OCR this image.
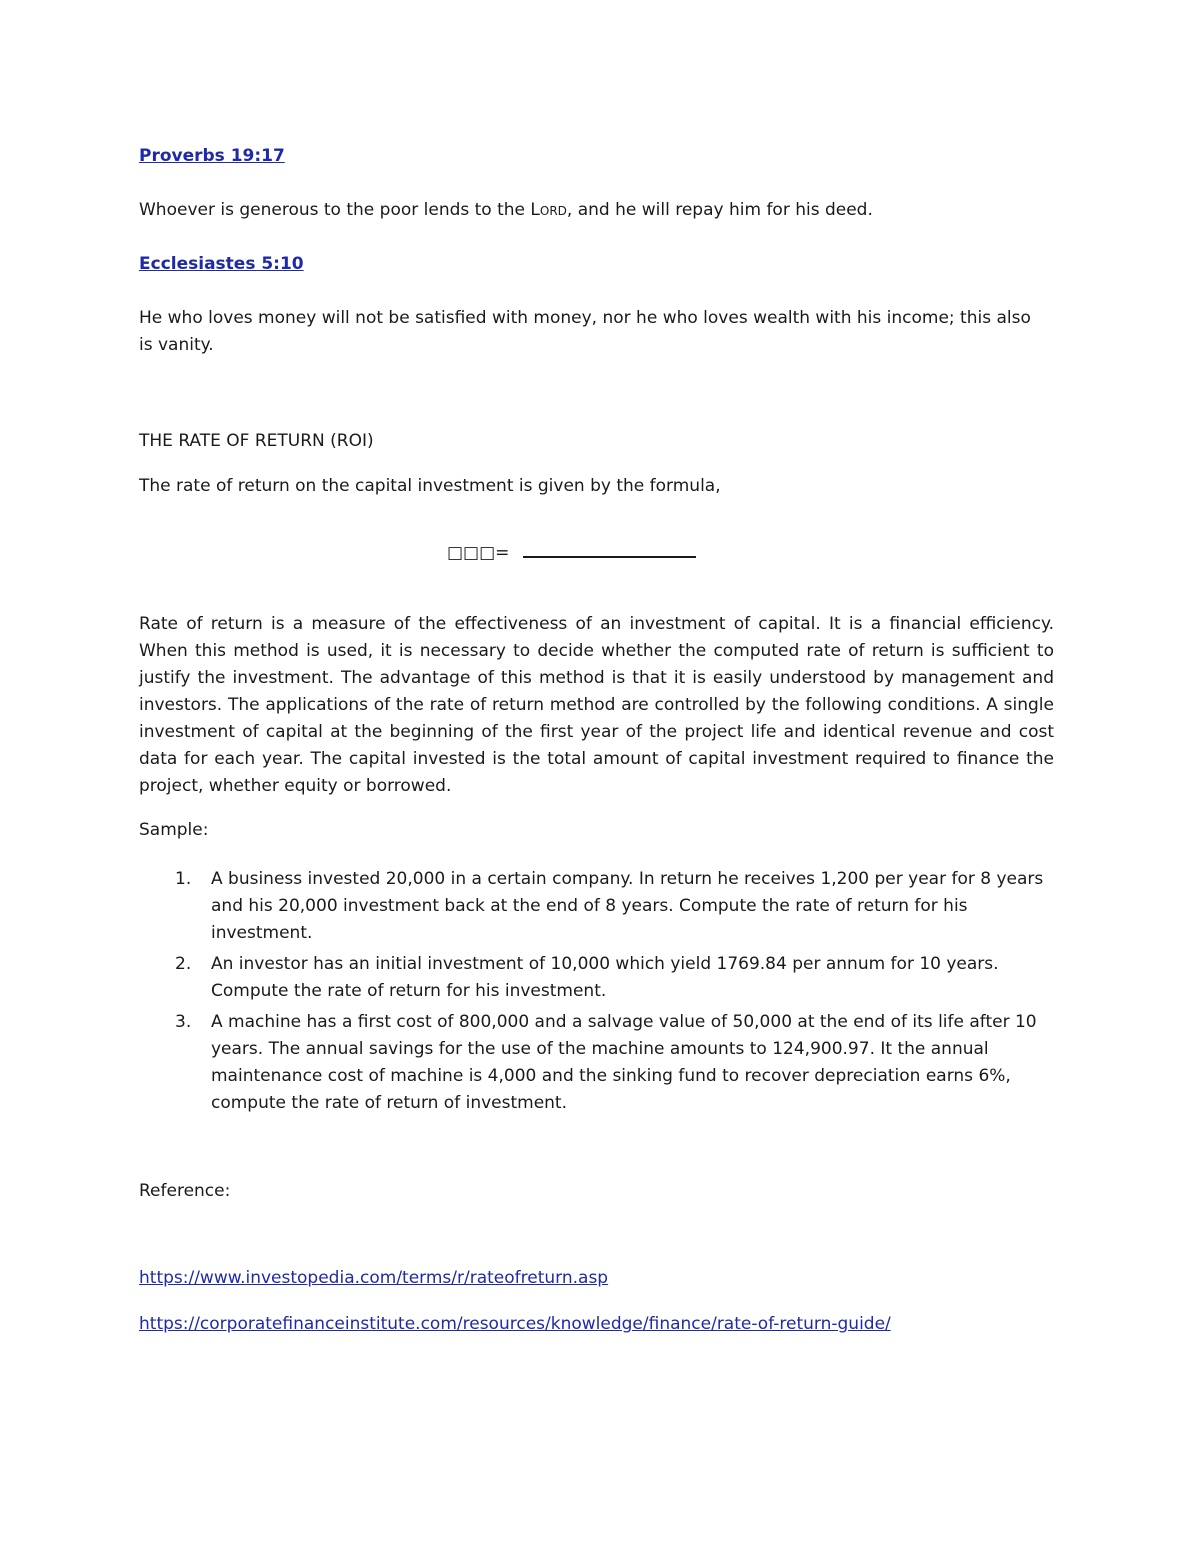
Proverbs 19:17

Whoever is generous to the poor lends to the Lord, and he will repay him for his deed.

Ecclesiastes 5:10

He who loves money will not be satisfied with money, nor he who loves wealth with his income; this also

is vanity.

THE RATE OF RETURN (ROI)

The rate of return on the capital investment is given by the formula,

□□□=

Rate of return is a measure of the effectiveness of an investment of capital. It is a financial efficiency. When this method is used, it is necessary to decide whether the computed rate of return is sufficient to justify the investment. The advantage of this method is that it is easily understood by management and investors. The applications of the rate of return method are controlled by the following conditions. A single investment of capital at the beginning of the first year of the project life and identical revenue and cost data for each year. The capital invested is the total amount of capital investment required to finance the project, whether equity or borrowed.

Sample:

1. A business invested 20,000 in a certain company. In return he receives 1,200 per year for 8 years and his 20,000 investment back at the end of 8 years. Compute the rate of return for his investment.
2. An investor has an initial investment of 10,000 which yield 1769.84 per annum for 10 years. Compute the rate of return for his investment.
3. A machine has a first cost of 800,000 and a salvage value of 50,000 at the end of its life after 10 years. The annual savings for the use of the machine amounts to 124,900.97. It the annual maintenance cost of machine is 4,000 and the sinking fund to recover depreciation earns 6%, compute the rate of return of investment.

Reference:

https://www.investopedia.com/terms/r/rateofreturn.asp

https://corporatefinanceinstitute.com/resources/knowledge/finance/rate-of-return-guide/
